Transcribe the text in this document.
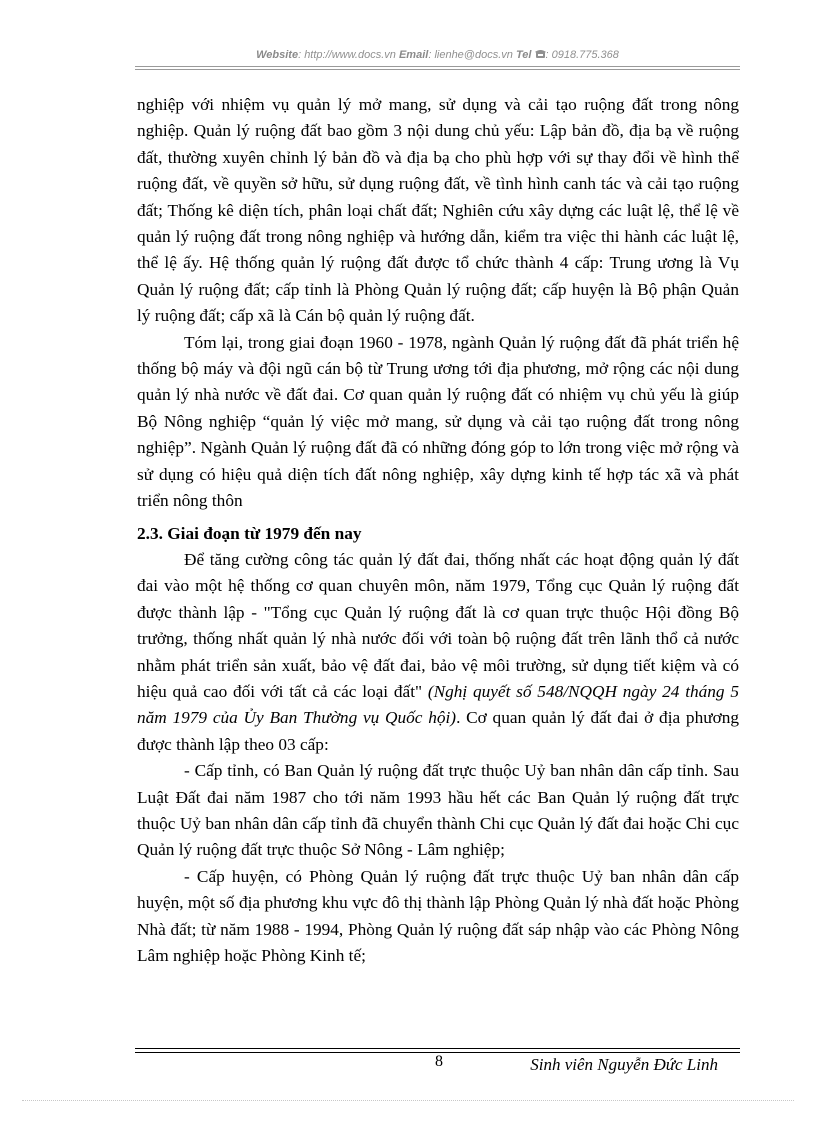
Website: http://www.docs.vn Email: lienhe@docs.vn Tel : 0918.775.368

nghiệp với nhiệm vụ quản lý mở mang, sử dụng và cải tạo ruộng đất trong nông nghiệp. Quản lý ruộng đất bao gồm 3 nội dung chủ yếu: Lập bản đồ, địa bạ về ruộng đất, thường xuyên chỉnh lý bản đồ và địa bạ cho phù hợp với sự thay đổi về hình thể ruộng đất, về quyền sở hữu, sử dụng ruộng đất, về tình hình canh tác và cải tạo ruộng đất; Thống kê diện tích, phân loại chất đất; Nghiên cứu xây dựng các luật lệ, thể lệ về quản lý ruộng đất trong nông nghiệp và hướng dẫn, kiểm tra việc thi hành các luật lệ, thể lệ ấy. Hệ thống quản lý ruộng đất được tổ chức thành 4 cấp: Trung ương là Vụ Quản lý ruộng đất; cấp tỉnh là Phòng Quản lý ruộng đất; cấp huyện là Bộ phận Quản lý ruộng đất; cấp xã là Cán bộ quản lý ruộng đất.

Tóm lại, trong giai đoạn 1960 - 1978, ngành Quản lý ruộng đất đã phát triển hệ thống bộ máy và đội ngũ cán bộ từ Trung ương tới địa phương, mở rộng các nội dung quản lý nhà nước về đất đai. Cơ quan quản lý ruộng đất có nhiệm vụ chủ yếu là giúp Bộ Nông nghiệp “quản lý việc mở mang, sử dụng và cải tạo ruộng đất trong nông nghiệp”. Ngành Quản lý ruộng đất đã có những đóng góp to lớn trong việc mở rộng và sử dụng có hiệu quả diện tích đất nông nghiệp, xây dựng kinh tế hợp tác xã và phát triển nông thôn

2.3. Giai đoạn từ 1979 đến nay

Để tăng cường công tác quản lý đất đai, thống nhất các hoạt động quản lý đất đai vào một hệ thống cơ quan chuyên môn, năm 1979, Tổng cục Quản lý ruộng đất được thành lập - "Tổng cục Quản lý ruộng đất là cơ quan trực thuộc Hội đồng Bộ trưởng, thống nhất quản lý nhà nước đối với toàn bộ ruộng đất trên lãnh thổ cả nước nhằm phát triển sản xuất, bảo vệ đất đai, bảo vệ môi trường, sử dụng tiết kiệm và có hiệu quả cao đối với tất cả các loại đất" (Nghị quyết số 548/NQQH ngày 24 tháng 5 năm 1979 của Ủy Ban Thường vụ Quốc hội). Cơ quan quản lý đất đai ở địa phương được thành lập theo 03 cấp:

- Cấp tỉnh, có Ban Quản lý ruộng đất trực thuộc Uỷ ban nhân dân cấp tỉnh. Sau Luật Đất đai năm 1987 cho tới năm 1993 hầu hết các Ban Quản lý ruộng đất trực thuộc Uỷ ban nhân dân cấp tỉnh đã chuyển thành Chi cục Quản lý đất đai hoặc Chi cục Quản lý ruộng đất trực thuộc Sở Nông - Lâm nghiệp;

- Cấp huyện, có Phòng Quản lý ruộng đất trực thuộc Uỷ ban nhân dân cấp huyện, một số địa phương khu vực đô thị thành lập Phòng Quản lý nhà đất hoặc Phòng Nhà đất; từ năm 1988 - 1994, Phòng Quản lý ruộng đất sáp nhập vào các Phòng Nông Lâm nghiệp hoặc Phòng Kinh tế;

8	Sinh viên Nguyễn Đức Linh
